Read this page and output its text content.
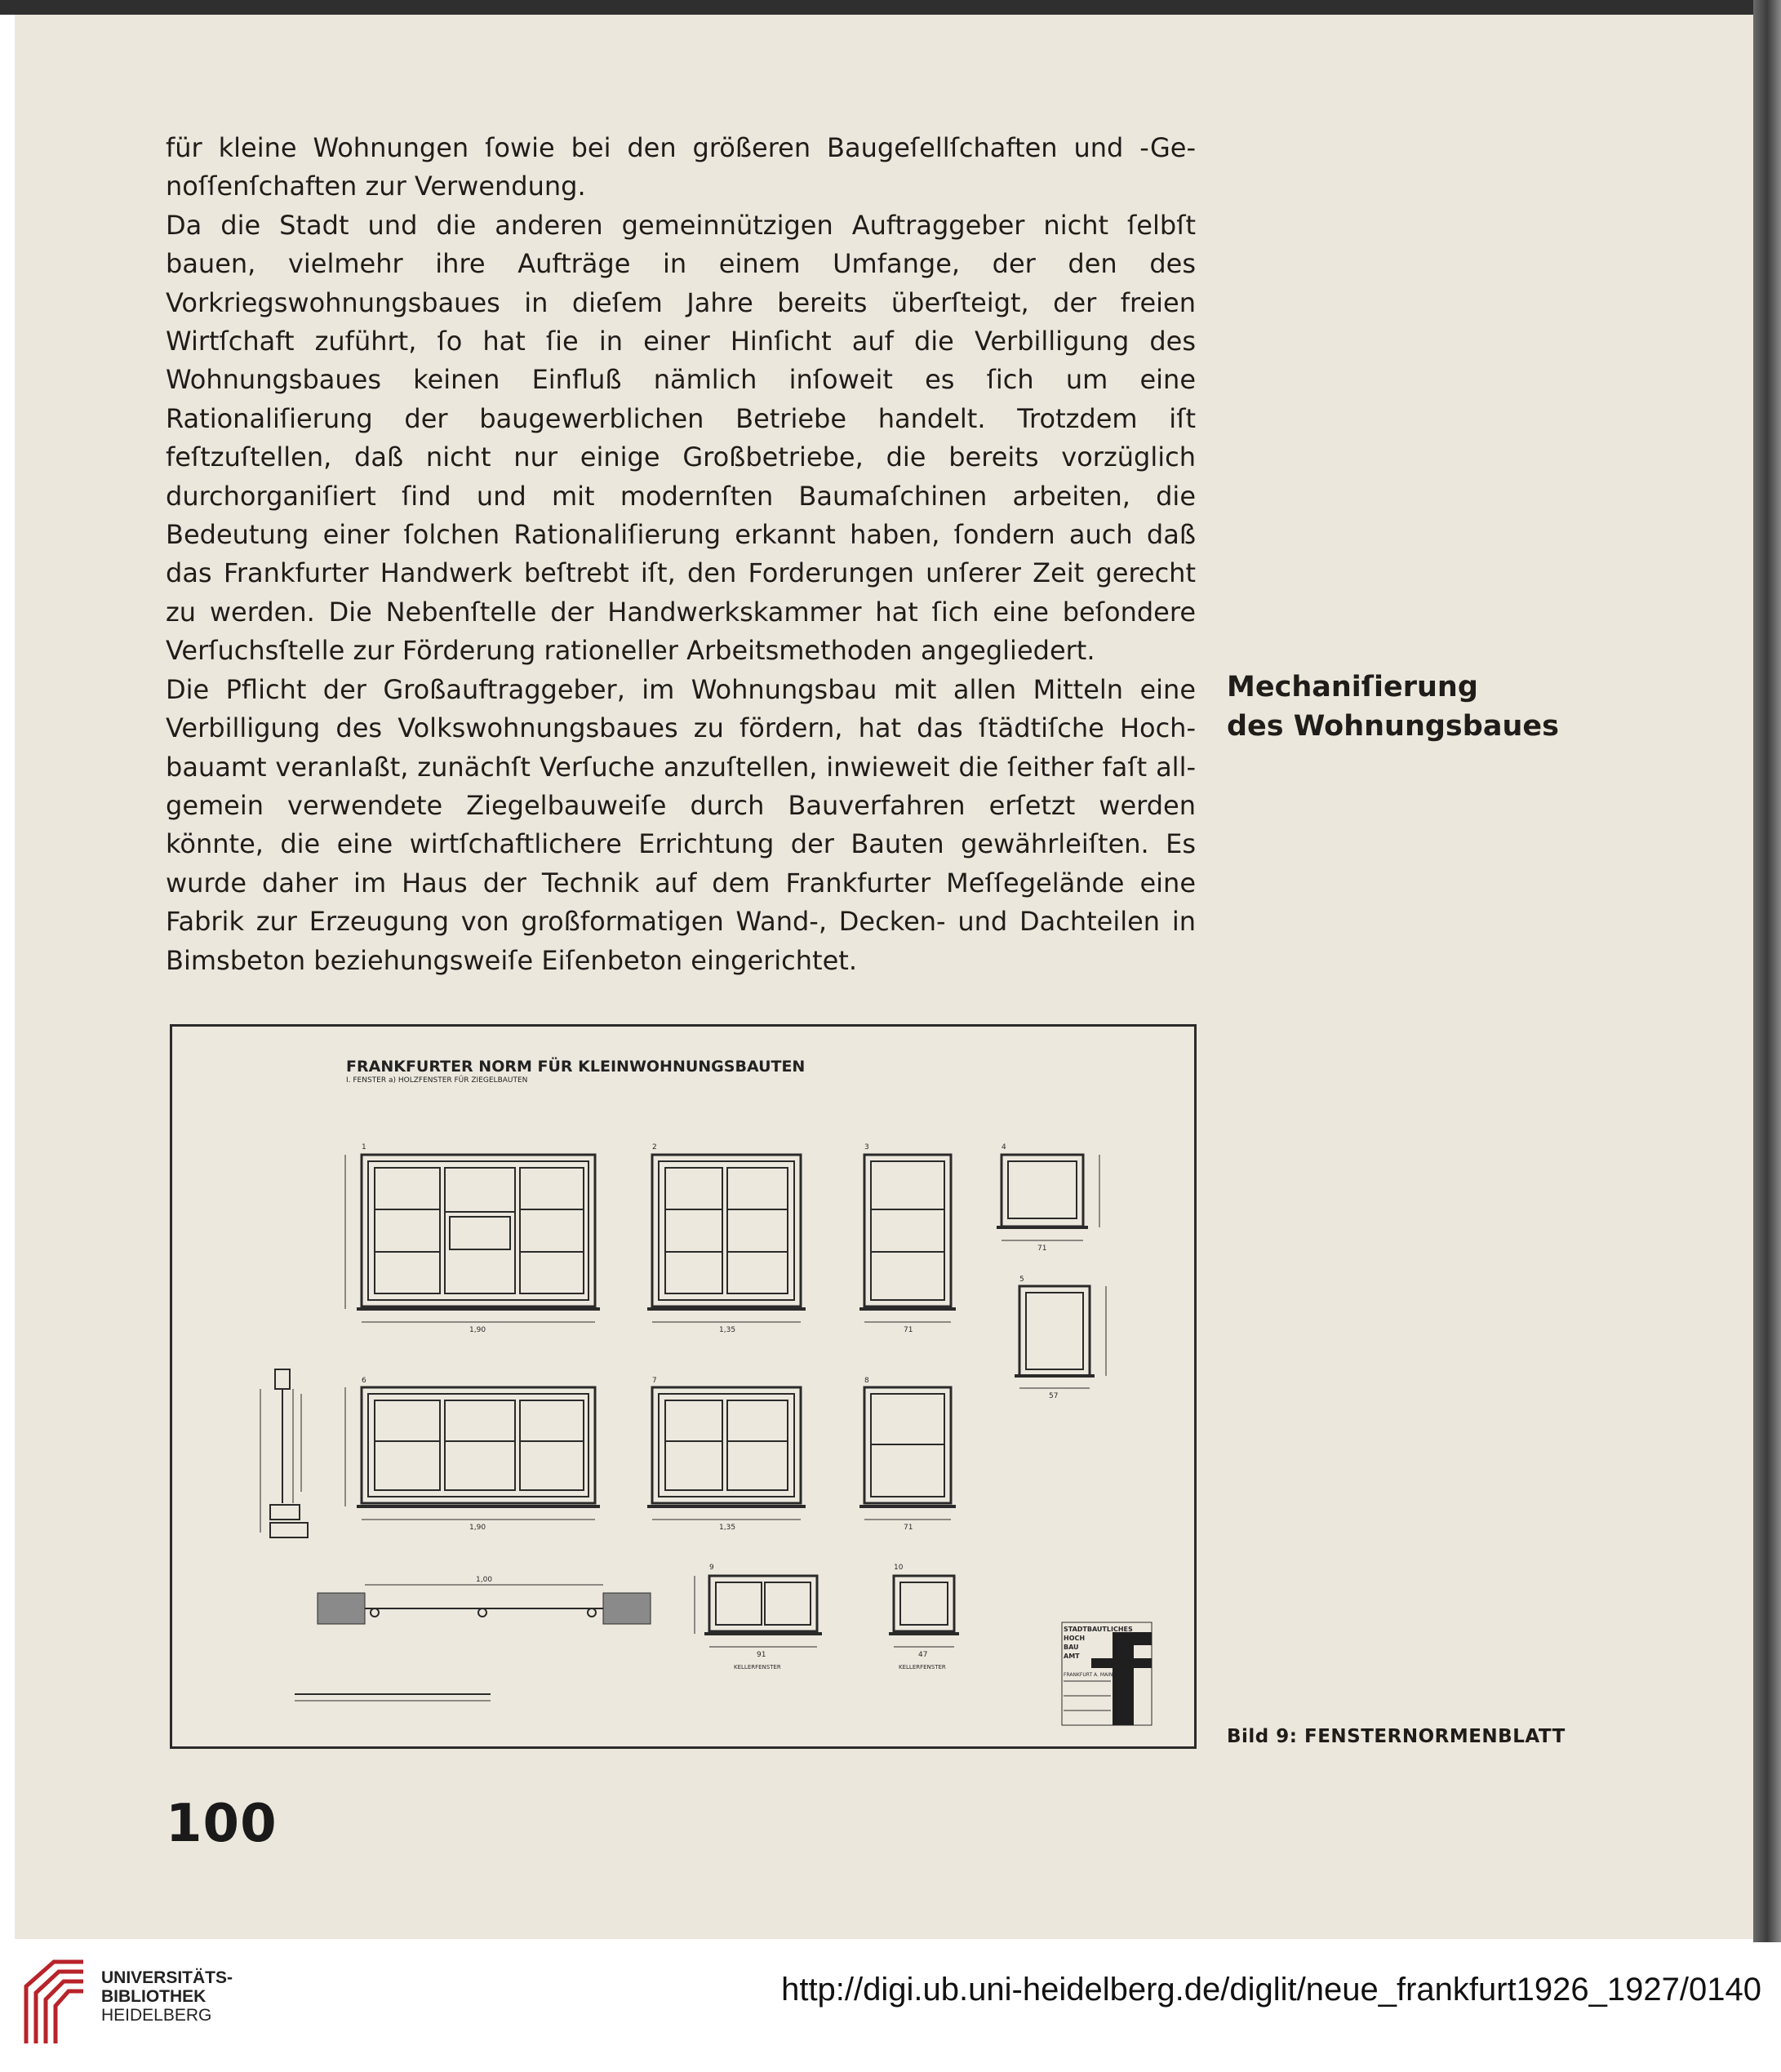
für kleine Wohnungen ſowie bei den größeren Baugeſellſchaften und -Genoſſenſchaften zur Verwendung.

Da die Stadt und die anderen gemeinnützigen Auftraggeber nicht ſelbſt bauen, vielmehr ihre Aufträge in einem Umfange, der den des Vorkriegswohnungsbaues in dieſem Jahre bereits überſteigt, der freien Wirtſchaft zuführt, ſo hat ſie in einer Hinſicht auf die Verbilligung des Wohnungsbaues keinen Einfluß nämlich inſoweit es ſich um eine Rationaliſierung der baugewerblichen Betriebe handelt. Trotzdem iſt feſtzuſtellen, daß nicht nur einige Großbetriebe, die bereits vorzüglich durchorganiſiert ſind und mit modernſten Baumaſchinen arbeiten, die Bedeutung einer ſolchen Rationaliſierung erkannt haben, ſondern auch daß das Frankfurter Handwerk beſtrebt iſt, den Forderungen unſerer Zeit gerecht zu werden. Die Nebenſtelle der Handwerkskammer hat ſich eine beſondere Verſuchsſtelle zur Förderung rationeller Arbeitsmethoden angegliedert.

Die Pflicht der Großauftraggeber, im Wohnungsbau mit allen Mitteln eine Verbilligung des Volkswohnungsbaues zu fördern, hat das ſtädtiſche Hochbauamt veranlaßt, zunächſt Verſuche anzuſtellen, inwieweit die ſeither faſt allgemein verwendete Ziegelbauweiſe durch Bauverfahren erſetzt werden könnte, die eine wirtſchaftlichere Errichtung der Bauten gewährleiſten. Es wurde daher im Haus der Technik auf dem Frankfurter Meſſegelände eine Fabrik zur Erzeugung von großformatigen Wand-, Decken- und Dachteilen in Bimsbeton beziehungsweiſe Eiſenbeton eingerichtet.

Mechaniſierung
des Wohnungsbaues
FRANKFURTER NORM FÜR KLEINWOHNUNGSBAUTEN
I. FENSTER a) HOLZFENSTER FÜR ZIEGELBAUTEN
1	2	3	4
5
6	7	8
9	10
1,90	1,35	71
71
57
1,90	1,35	71
1,00
91	47
KELLERFENSTER	KELLERFENSTER
STADTBAUTLICHES
HOCH
BAU
AMT
FRANKFURT A. MAIN
Bild 9: FENSTERNORMENBLATT
100
UNIVERSITÄTS-
BIBLIOTHEK
HEIDELBERG
http://digi.ub.uni-heidelberg.de/diglit/neue_frankfurt1926_1927/0140
